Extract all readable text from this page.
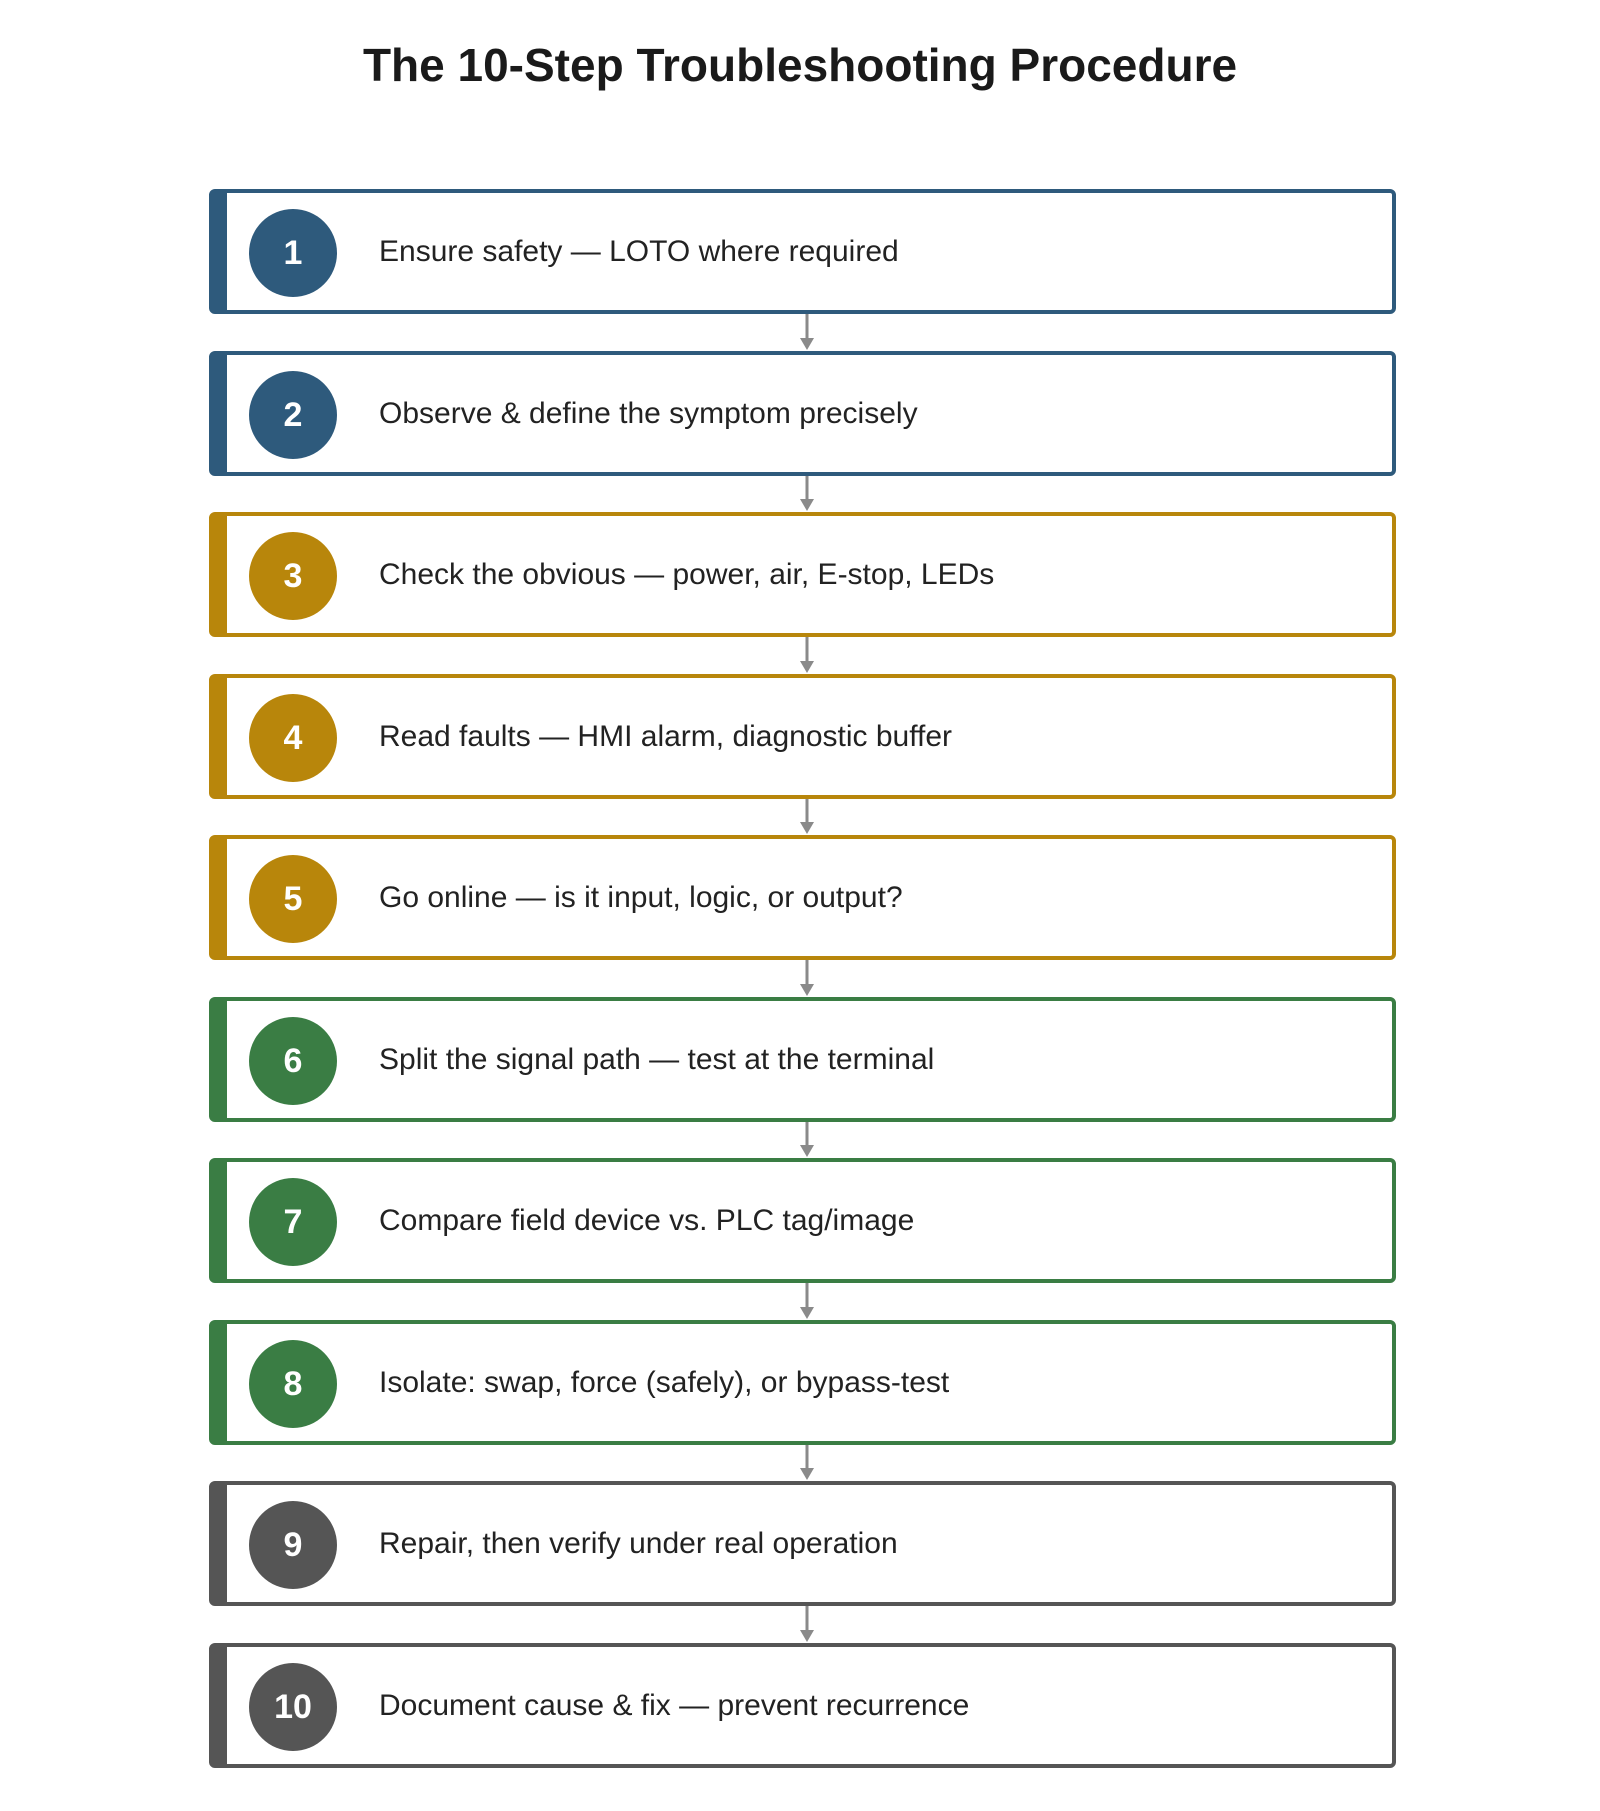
The 10-Step Troubleshooting Procedure
1	Ensure safety — LOTO where required
2	Observe & define the symptom precisely
3	Check the obvious — power, air, E-stop, LEDs
4	Read faults — HMI alarm, diagnostic buffer
5	Go online — is it input, logic, or output?
6	Split the signal path — test at the terminal
7	Compare field device vs. PLC tag/image
8	Isolate: swap, force (safely), or bypass-test
9	Repair, then verify under real operation
10	Document cause & fix — prevent recurrence
